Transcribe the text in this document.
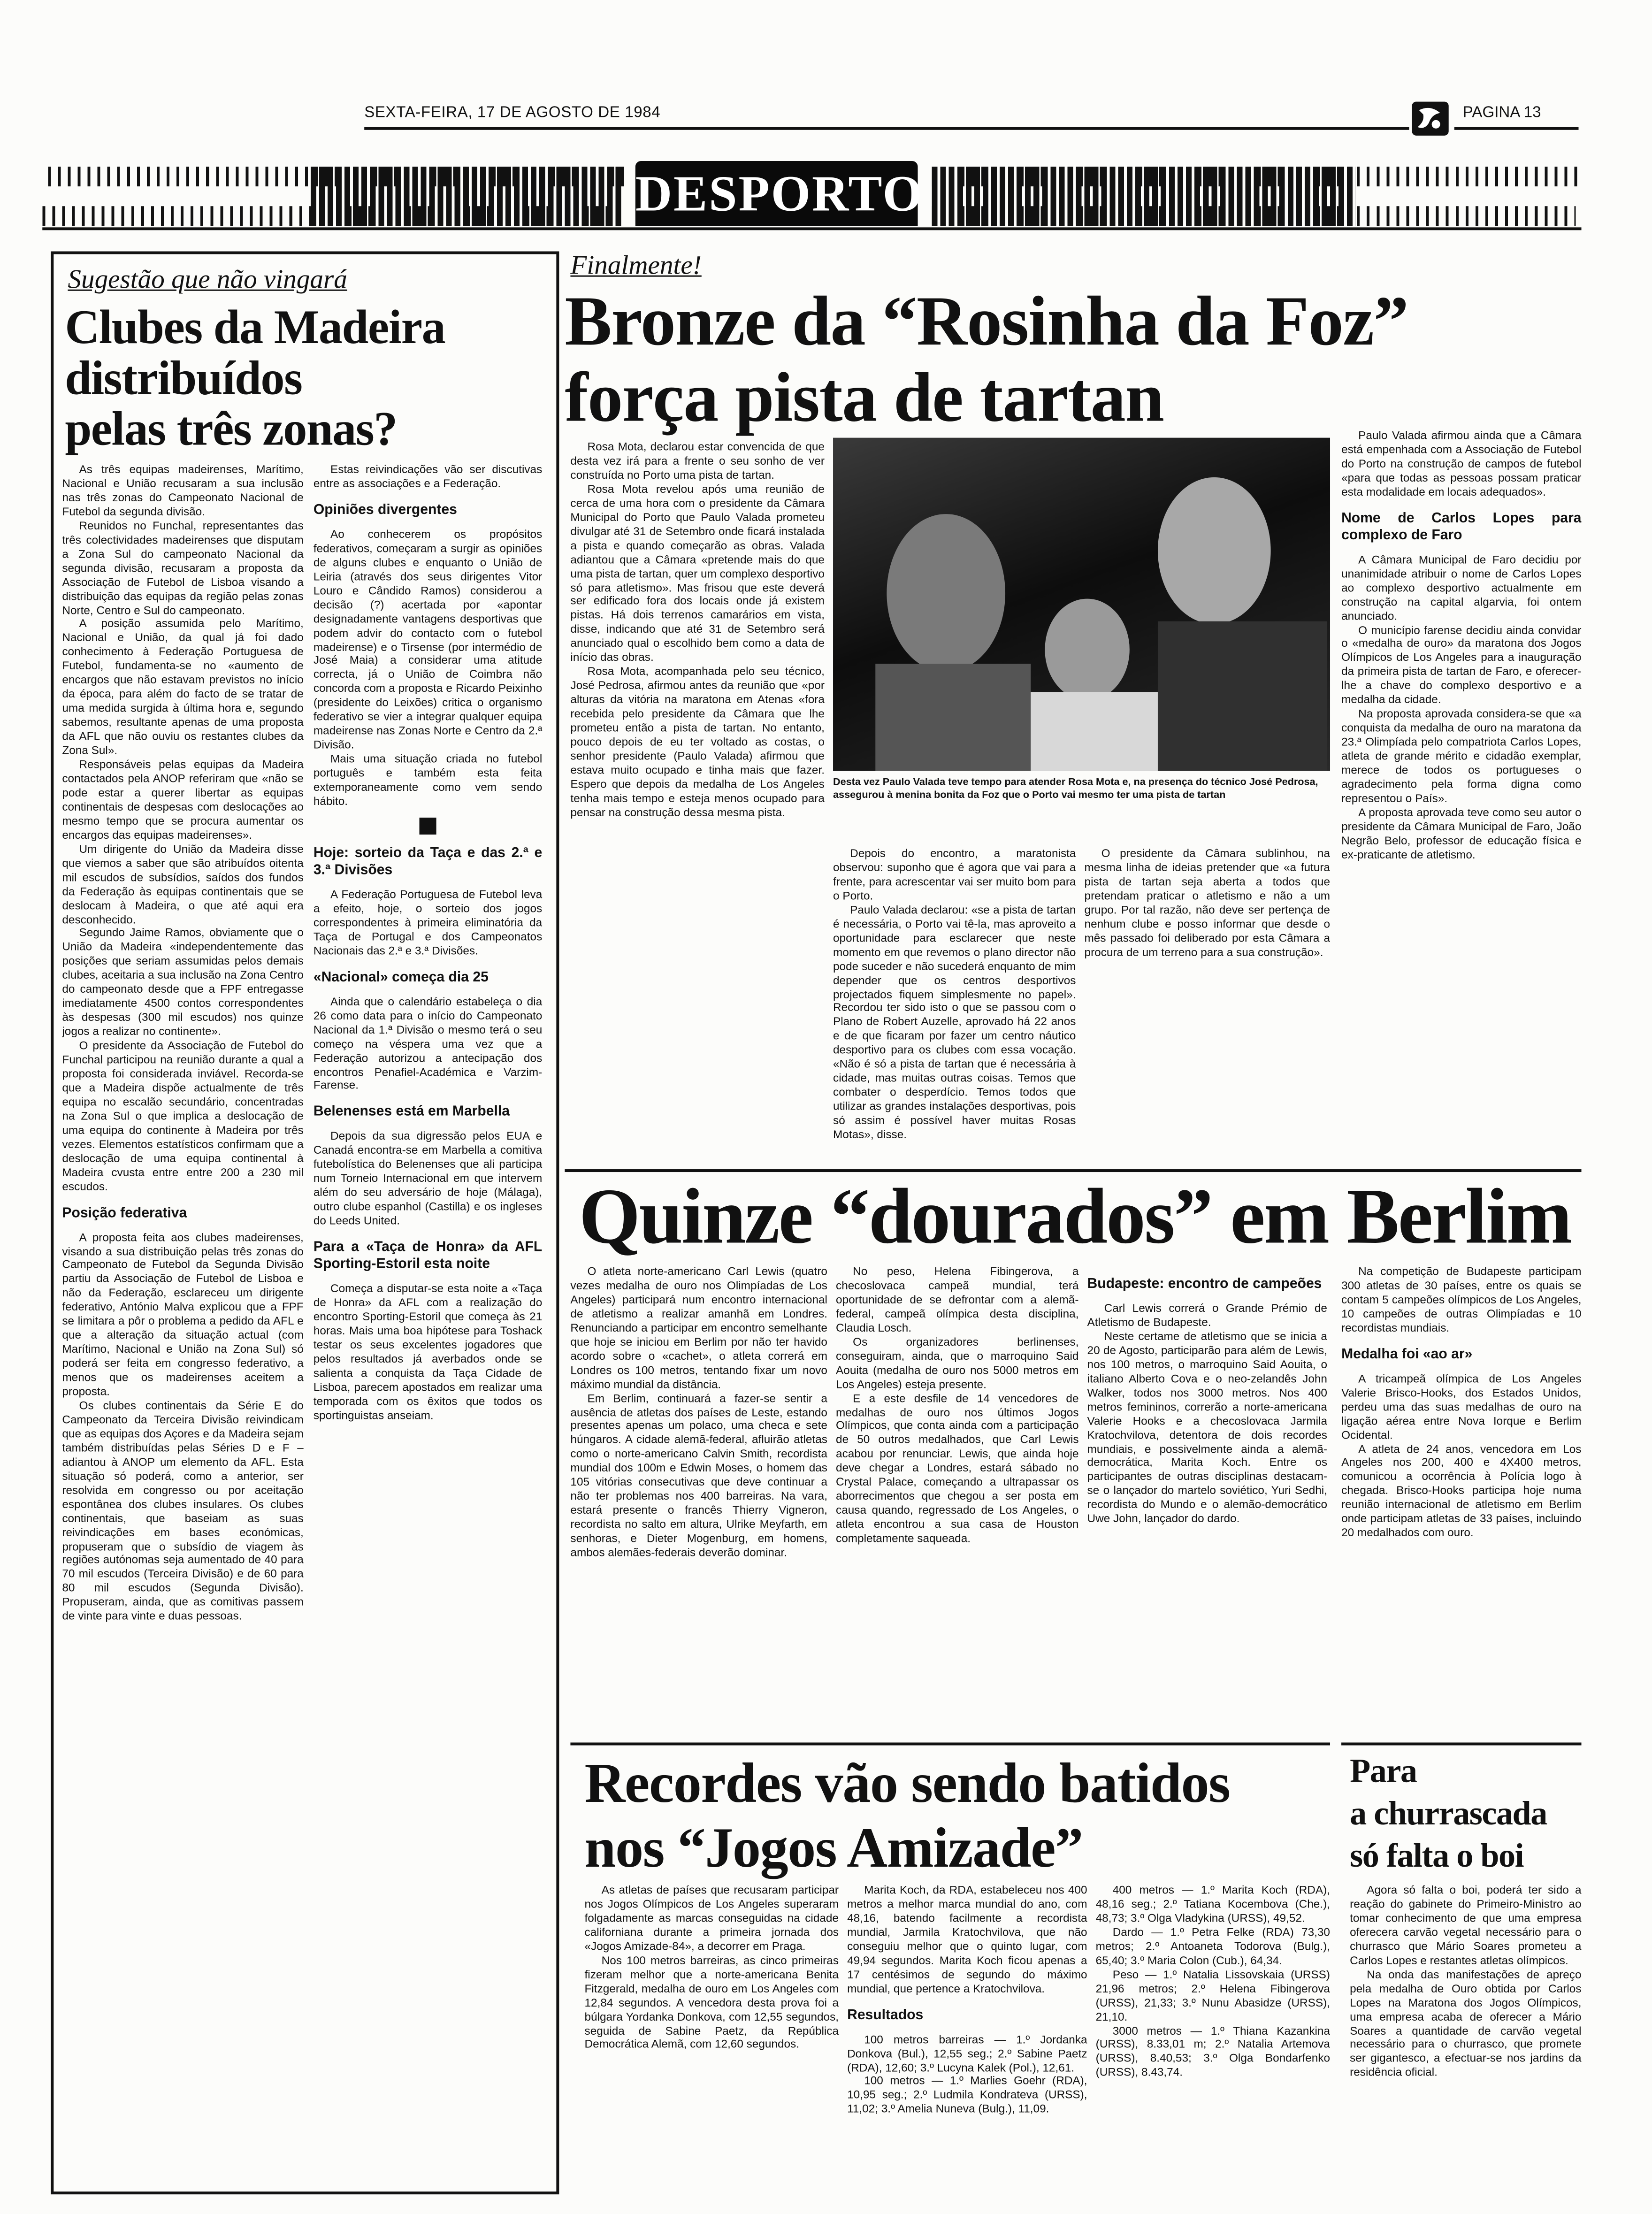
SEXTA-FEIRA, 17 DE AGOSTO DE 1984	PAGINA 13
DESPORTO
Sugestão que não vingará
Clubes da Madeira
distribuídos
pelas três zonas?

As três equipas madeirenses, Marítimo, Nacional e União recusaram a sua inclusão nas três zonas do Campeonato Nacional de Futebol da segunda divisão.

Reunidos no Funchal, representantes das três colectividades madeirenses que disputam a Zona Sul do campeonato Nacional da segunda divisão, recusaram a proposta da Associação de Futebol de Lisboa visando a distribuição das equipas da região pelas zonas Norte, Centro e Sul do campeonato.

A posição assumida pelo Marítimo, Nacional e União, da qual já foi dado conhecimento à Federação Portuguesa de Futebol, fundamenta-se no «aumento de encargos que não estavam previstos no início da época, para além do facto de se tratar de uma medida surgida à última hora e, segundo sabemos, resultante apenas de uma proposta da AFL que não ouviu os restantes clubes da Zona Sul».

Responsáveis pelas equipas da Madeira contactados pela ANOP referiram que «não se pode estar a querer libertar as equipas continentais de despesas com deslocações ao mesmo tempo que se procura aumentar os encargos das equipas madeirenses».

Um dirigente do União da Madeira disse que viemos a saber que são atribuídos oitenta mil escudos de subsídios, saídos dos fundos da Federação às equipas continentais que se deslocam à Madeira, o que até aqui era desconhecido.

Segundo Jaime Ramos, obviamente que o União da Madeira «independentemente das posições que seriam assumidas pelos demais clubes, aceitaria a sua inclusão na Zona Centro do campeonato desde que a FPF entregasse imediatamente 4500 contos correspondentes às despesas (300 mil escudos) nos quinze jogos a realizar no continente».

O presidente da Associação de Futebol do Funchal participou na reunião durante a qual a proposta foi considerada inviável. Recorda-se que a Madeira dispõe actualmente de três equipa no escalão secundário, concentradas na Zona Sul o que implica a deslocação de uma equipa do continente à Madeira por três vezes. Elementos estatísticos confirmam que a deslocação de uma equipa continental à Madeira cvusta entre entre 200 a 230 mil escudos.

Posição federativa

A proposta feita aos clubes madeirenses, visando a sua distribuição pelas três zonas do Campeonato de Futebol da Segunda Divisão partiu da Associação de Futebol de Lisboa e não da Federação, esclareceu um dirigente federativo, António Malva explicou que a FPF se limitara a pôr o problema a pedido da AFL e que a alteração da situação actual (com Marítimo, Nacional e União na Zona Sul) só poderá ser feita em congresso federativo, a menos que os madeirenses aceitem a proposta.

Os clubes continentais da Série E do Campeonato da Terceira Divisão reivindicam que as equipas dos Açores e da Madeira sejam também distribuídas pelas Séries D e F – adiantou à ANOP um elemento da AFL. Esta situação só poderá, como a anterior, ser resolvida em congresso ou por aceitação espontânea dos clubes insulares. Os clubes continentais, que baseiam as suas reivindicações em bases económicas, propuseram que o subsídio de viagem às regiões autónomas seja aumentado de 40 para 70 mil escudos (Terceira Divisão) e de 60 para 80 mil escudos (Segunda Divisão). Propuseram, ainda, que as comitivas passem de vinte para vinte e duas pessoas.

Estas reivindicações vão ser discutivas entre as associações e a Federação.

Opiniões divergentes

Ao conhecerem os propósitos federativos, começaram a surgir as opiniões de alguns clubes e enquanto o União de Leiria (através dos seus dirigentes Vitor Louro e Cândido Ramos) considerou a decisão (?) acertada por «apontar designadamente vantagens desportivas que podem advir do contacto com o futebol madeirense) e o Tirsense (por intermédio de José Maia) a considerar uma atitude correcta, já o União de Coimbra não concorda com a proposta e Ricardo Peixinho (presidente do Leixões) critica o organismo federativo se vier a integrar qualquer equipa madeirense nas Zonas Norte e Centro da 2.ª Divisão.

Mais uma situação criada no futebol português e também esta feita extemporaneamente como vem sendo hábito.

Hoje: sorteio da Taça e das 2.ª e 3.ª Divisões

A Federação Portuguesa de Futebol leva a efeito, hoje, o sorteio dos jogos correspondentes à primeira eliminatória da Taça de Portugal e dos Campeonatos Nacionais das 2.ª e 3.ª Divisões.

«Nacional» começa dia 25

Ainda que o calendário estabeleça o dia 26 como data para o início do Campeonato Nacional da 1.ª Divisão o mesmo terá o seu começo na véspera uma vez que a Federação autorizou a antecipação dos encontros Penafiel-Académica e Varzim-Farense.

Belenenses está em Marbella

Depois da sua digressão pelos EUA e Canadá encontra-se em Marbella a comitiva futebolística do Belenenses que ali participa num Torneio Internacional em que intervem além do seu adversário de hoje (Málaga), outro clube espanhol (Castilla) e os ingleses do Leeds United.

Para a «Taça de Honra» da AFL Sporting-Estoril esta noite

Começa a disputar-se esta noite a «Taça de Honra» da AFL com a realização do encontro Sporting-Estoril que começa às 21 horas. Mais uma boa hipótese para Toshack testar os seus excelentes jogadores que pelos resultados já averbados onde se salienta a conquista da Taça Cidade de Lisboa, parecem apostados em realizar uma temporada com os êxitos que todos os sportinguistas anseiam.

Finalmente!
Bronze da “Rosinha da Foz”
força pista de tartan
Desta vez Paulo Valada teve tempo para atender Rosa Mota e, na presença do técnico José Pedrosa, assegurou à menina bonita da Foz que o Porto vai mesmo ter uma pista de tartan

Rosa Mota, declarou estar convencida de que desta vez irá para a frente o seu sonho de ver construída no Porto uma pista de tartan.

Rosa Mota revelou após uma reunião de cerca de uma hora com o presidente da Câmara Municipal do Porto que Paulo Valada prometeu divulgar até 31 de Setembro onde ficará instalada a pista e quando começarão as obras. Valada adiantou que a Câmara «pretende mais do que uma pista de tartan, quer um complexo desportivo só para atletismo». Mas frisou que este deverá ser edificado fora dos locais onde já existem pistas. Há dois terrenos camarários em vista, disse, indicando que até 31 de Setembro será anunciado qual o escolhido bem como a data de início das obras.

Rosa Mota, acompanhada pelo seu técnico, José Pedrosa, afirmou antes da reunião que «por alturas da vitória na maratona em Atenas «fora recebida pelo presidente da Câmara que lhe prometeu então a pista de tartan. No entanto, pouco depois de eu ter voltado as costas, o senhor presidente (Paulo Valada) afirmou que estava muito ocupado e tinha mais que fazer. Espero que depois da medalha de Los Angeles tenha mais tempo e esteja menos ocupado para pensar na construção dessa mesma pista.

Depois do encontro, a maratonista observou: suponho que é agora que vai para a frente, para acrescentar vai ser muito bom para o Porto.

Paulo Valada declarou: «se a pista de tartan é necessária, o Porto vai tê-la, mas aproveito a oportunidade para esclarecer que neste momento em que revemos o plano director não pode suceder e não sucederá enquanto de mim depender que os centros desportivos projectados fiquem simplesmente no papel». Recordou ter sido isto o que se passou com o Plano de Robert Auzelle, aprovado há 22 anos e de que ficaram por fazer um centro náutico desportivo para os clubes com essa vocação. «Não é só a pista de tartan que é necessária à cidade, mas muitas outras coisas. Temos que combater o desperdício. Temos todos que utilizar as grandes instalações desportivas, pois só assim é possível haver muitas Rosas Motas», disse.

O presidente da Câmara sublinhou, na mesma linha de ideias pretender que «a futura pista de tartan seja aberta a todos que pretendam praticar o atletismo e não a um grupo. Por tal razão, não deve ser pertença de nenhum clube e posso informar que desde o mês passado foi deliberado por esta Câmara a procura de um terreno para a sua construção».

Paulo Valada afirmou ainda que a Câmara está empenhada com a Associação de Futebol do Porto na construção de campos de futebol «para que todas as pessoas possam praticar esta modalidade em locais adequados».

Nome de Carlos Lopes para complexo de Faro

A Câmara Municipal de Faro decidiu por unanimidade atribuir o nome de Carlos Lopes ao complexo desportivo actualmente em construção na capital algarvia, foi ontem anunciado.

O município farense decidiu ainda convidar o «medalha de ouro» da maratona dos Jogos Olímpicos de Los Angeles para a inauguração da primeira pista de tartan de Faro, e oferecer-lhe a chave do complexo desportivo e a medalha da cidade.

Na proposta aprovada considera-se que «a conquista da medalha de ouro na maratona da 23.ª Olimpíada pelo compatriota Carlos Lopes, atleta de grande mérito e cidadão exemplar, merece de todos os portugueses o agradecimento pela forma digna como representou o País».

A proposta aprovada teve como seu autor o presidente da Câmara Municipal de Faro, João Negrão Belo, professor de educação física e ex-praticante de atletismo.

Quinze “dourados” em Berlim

O atleta norte-americano Carl Lewis (quatro vezes medalha de ouro nos Olimpíadas de Los Angeles) participará num encontro internacional de atletismo a realizar amanhã em Londres. Renunciando a participar em encontro semelhante que hoje se iniciou em Berlim por não ter havido acordo sobre o «cachet», o atleta correrá em Londres os 100 metros, tentando fixar um novo máximo mundial da distância.

Em Berlim, continuará a fazer-se sentir a ausência de atletas dos países de Leste, estando presentes apenas um polaco, uma checa e sete húngaros. A cidade alemã-federal, afluirão atletas como o norte-americano Calvin Smith, recordista mundial dos 100m e Edwin Moses, o homem das 105 vitórias consecutivas que deve continuar a não ter problemas nos 400 barreiras. Na vara, estará presente o francês Thierry Vigneron, recordista no salto em altura, Ulrike Meyfarth, em senhoras, e Dieter Mogenburg, em homens, ambos alemães-federais deverão dominar.

No peso, Helena Fibingerova, a checoslovaca campeã mundial, terá oportunidade de se defrontar com a alemã-federal, campeã olímpica desta disciplina, Claudia Losch.

Os organizadores berlinenses, conseguiram, ainda, que o marroquino Said Aouita (medalha de ouro nos 5000 metros em Los Angeles) esteja presente.

E a este desfile de 14 vencedores de medalhas de ouro nos últimos Jogos Olímpicos, que conta ainda com a participação de 50 outros medalhados, que Carl Lewis acabou por renunciar. Lewis, que ainda hoje deve chegar a Londres, estará sábado no Crystal Palace, começando a ultrapassar os aborrecimentos que chegou a ser posta em causa quando, regressado de Los Angeles, o atleta encontrou a sua casa de Houston completamente saqueada.

Budapeste: encontro de campeões

Carl Lewis correrá o Grande Prémio de Atletismo de Budapeste.

Neste certame de atletismo que se inicia a 20 de Agosto, participarão para além de Lewis, nos 100 metros, o marroquino Said Aouita, o italiano Alberto Cova e o neo-zelandês John Walker, todos nos 3000 metros. Nos 400 metros femininos, correrão a norte-americana Valerie Hooks e a checoslovaca Jarmila Kratochvilova, detentora de dois recordes mundiais, e possivelmente ainda a alemã-democrática, Marita Koch. Entre os participantes de outras disciplinas destacam-se o lançador do martelo soviético, Yuri Sedhi, recordista do Mundo e o alemão-democrático Uwe John, lançador do dardo.

Na competição de Budapeste participam 300 atletas de 30 países, entre os quais se contam 5 campeões olímpicos de Los Angeles, 10 campeões de outras Olimpíadas e 10 recordistas mundiais.

Medalha foi «ao ar»

A tricampeã olímpica de Los Angeles Valerie Brisco-Hooks, dos Estados Unidos, perdeu uma das suas medalhas de ouro na ligação aérea entre Nova Iorque e Berlim Ocidental.

A atleta de 24 anos, vencedora em Los Angeles nos 200, 400 e 4X400 metros, comunicou a ocorrência à Polícia logo à chegada. Brisco-Hooks participa hoje numa reunião internacional de atletismo em Berlim onde participam atletas de 33 países, incluindo 20 medalhados com ouro.

Recordes vão sendo batidos
nos “Jogos Amizade”

As atletas de países que recusaram participar nos Jogos Olímpicos de Los Angeles superaram folgadamente as marcas conseguidas na cidade californiana durante a primeira jornada dos «Jogos Amizade-84», a decorrer em Praga.

Nos 100 metros barreiras, as cinco primeiras fizeram melhor que a norte-americana Benita Fitzgerald, medalha de ouro em Los Angeles com 12,84 segundos. A vencedora desta prova foi a búlgara Yordanka Donkova, com 12,55 segundos, seguida de Sabine Paetz, da República Democrática Alemã, com 12,60 segundos.

Marita Koch, da RDA, estabeleceu nos 400 metros a melhor marca mundial do ano, com 48,16, batendo facilmente a recordista mundial, Jarmila Kratochvilova, que não conseguiu melhor que o quinto lugar, com 49,94 segundos. Marita Koch ficou apenas a 17 centésimos de segundo do máximo mundial, que pertence a Kratochvilova.

Resultados

100 metros barreiras — 1.º Jordanka Donkova (Bul.), 12,55 seg.; 2.º Sabine Paetz (RDA), 12,60; 3.º Lucyna Kalek (Pol.), 12,61.

100 metros — 1.º Marlies Goehr (RDA), 10,95 seg.; 2.º Ludmila Kondrateva (URSS), 11,02; 3.º Amelia Nuneva (Bulg.), 11,09.

400 metros — 1.º Marita Koch (RDA), 48,16 seg.; 2.º Tatiana Kocembova (Che.), 48,73; 3.º Olga Vladykina (URSS), 49,52.

Dardo — 1.º Petra Felke (RDA) 73,30 metros; 2.º Antoaneta Todorova (Bulg.), 65,40; 3.º Maria Colon (Cub.), 64,34.

Peso — 1.º Natalia Lissovskaia (URSS) 21,96 metros; 2.º Helena Fibingerova (URSS), 21,33; 3.º Nunu Abasidze (URSS), 21,10.

3000 metros — 1.º Thiana Kazankina (URSS), 8.33,01 m; 2.º Natalia Artemova (URSS), 8.40,53; 3.º Olga Bondarfenko (URSS), 8.43,74.

Para
a churrascada
só falta o boi

Agora só falta o boi, poderá ter sido a reação do gabinete do Primeiro-Ministro ao tomar conhecimento de que uma empresa oferecera carvão vegetal necessário para o churrasco que Mário Soares prometeu a Carlos Lopes e restantes atletas olímpicos.

Na onda das manifestações de apreço pela medalha de Ouro obtida por Carlos Lopes na Maratona dos Jogos Olímpicos, uma empresa acaba de oferecer a Mário Soares a quantidade de carvão vegetal necessário para o churrasco, que promete ser gigantesco, a efectuar-se nos jardins da residência oficial.
